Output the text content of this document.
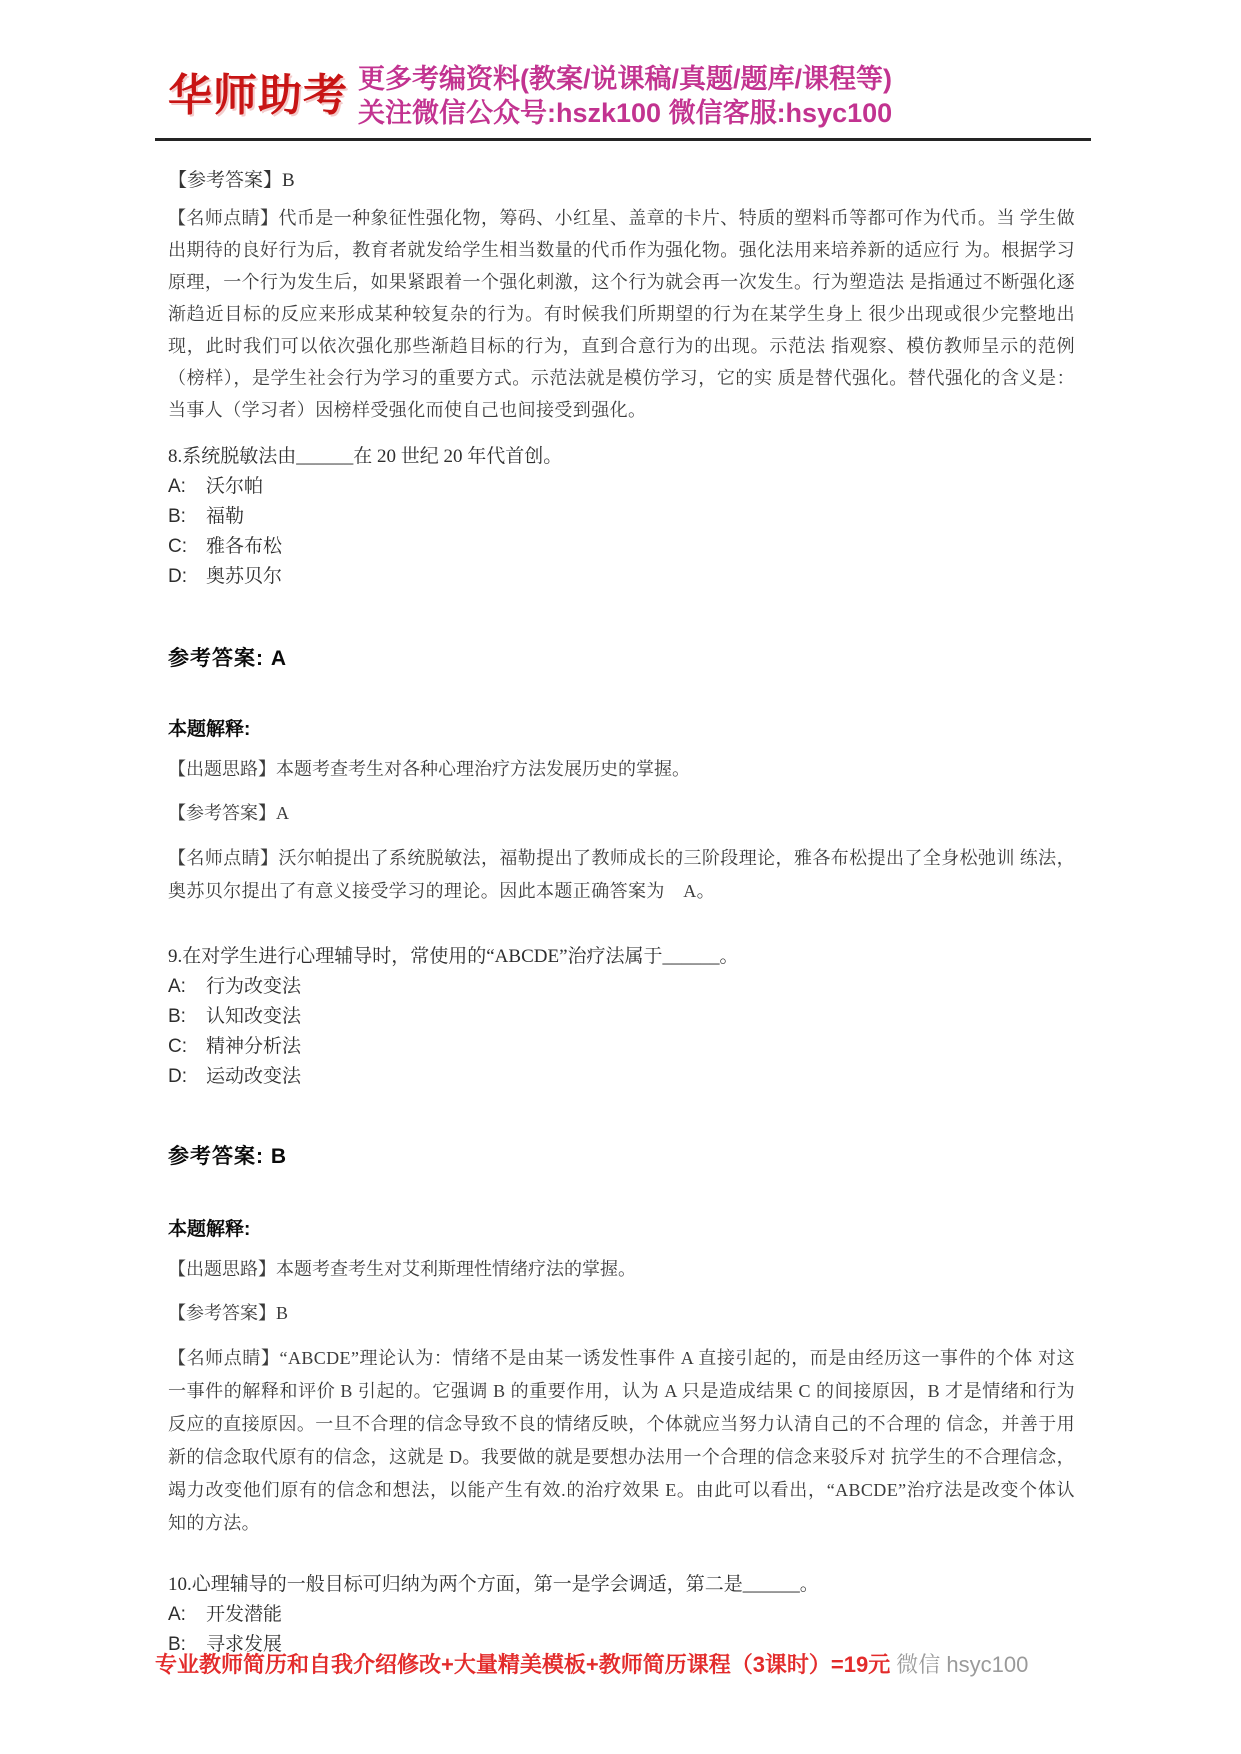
华师助考 更多考编资料(教案/说课稿/真题/题库/课程等)
关注微信公众号:hszk100 微信客服:hsyc100

【参考答案】B

【名师点睛】代币是一种象征性强化物，筹码、小红星、盖章的卡片、特质的塑料币等都可作为代币。当 学生做出期待的良好行为后，教育者就发给学生相当数量的代币作为强化物。强化法用来培养新的适应行 为。根据学习原理，一个行为发生后，如果紧跟着一个强化刺激，这个行为就会再一次发生。行为塑造法 是指通过不断强化逐渐趋近目标的反应来形成某种较复杂的行为。有时候我们所期望的行为在某学生身上 很少出现或很少完整地出现，此时我们可以依次强化那些渐趋目标的行为，直到合意行为的出现。示范法 指观察、模仿教师呈示的范例（榜样），是学生社会行为学习的重要方式。示范法就是模仿学习，它的实 质是替代强化。替代强化的含义是：当事人（学习者）因榜样受强化而使自己也间接受到强化。

8.系统脱敏法由______在 20 世纪 20 年代首创。

A: 沃尔帕

B: 福勒

C: 雅各布松

D: 奥苏贝尔

参考答案: A

本题解释:

【出题思路】本题考查考生对各种心理治疗方法发展历史的掌握。

【参考答案】A

【名师点睛】沃尔帕提出了系统脱敏法，福勒提出了教师成长的三阶段理论，雅各布松提出了全身松弛训 练法，奥苏贝尔提出了有意义接受学习的理论。因此本题正确答案为　A。

9.在对学生进行心理辅导时，常使用的“ABCDE”治疗法属于______。

A: 行为改变法

B: 认知改变法

C: 精神分析法

D: 运动改变法

参考答案: B

本题解释:

【出题思路】本题考查考生对艾利斯理性情绪疗法的掌握。

【参考答案】B

【名师点睛】“ABCDE”理论认为：情绪不是由某一诱发性事件 A 直接引起的，而是由经历这一事件的个体 对这一事件的解释和评价 B 引起的。它强调 B 的重要作用，认为 A 只是造成结果 C 的间接原因，B 才是情绪和行为反应的直接原因。一旦不合理的信念导致不良的情绪反映，个体就应当努力认清自己的不合理的 信念，并善于用新的信念取代原有的信念，这就是 D。我要做的就是要想办法用一个合理的信念来驳斥对 抗学生的不合理信念，竭力改变他们原有的信念和想法，以能产生有效.的治疗效果 E。由此可以看出，“ABCDE”治疗法是改变个体认知的方法。

10.心理辅导的一般目标可归纳为两个方面，第一是学会调适，第二是______。

A: 开发潜能

B: 寻求发展

专业教师简历和自我介绍修改+大量精美模板+教师简历课程（3课时）=19元 微信 hsyc100
